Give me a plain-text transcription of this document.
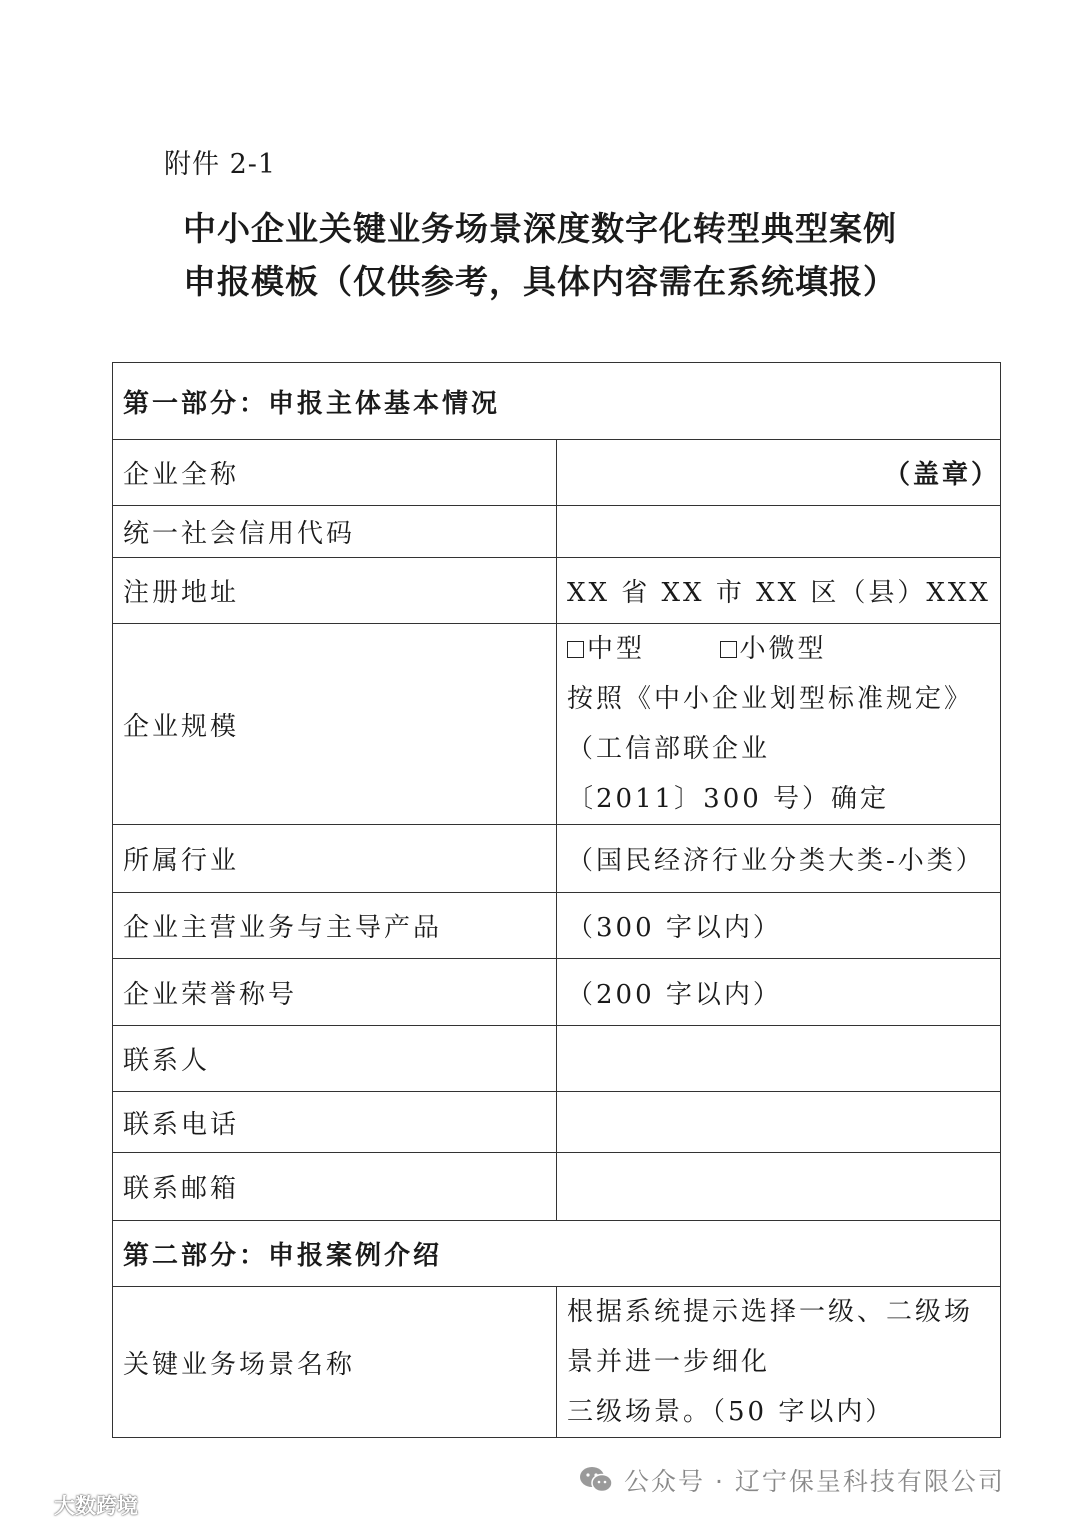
附件 2-1
中小企业关键业务场景深度数字化转型典型案例
申报模板（仅供参考，具体内容需在系统填报）
第一部分：申报主体基本情况	
企业全称	（盖章）
统一社会信用代码	
注册地址	XX 省 XX 市 XX 区（县）XXX
企业规模	中型 小微型
按照《中小企业划型标准规定》（工信部联企业
〔2011〕300 号）确定

所属行业	（国民经济行业分类大类-小类）
企业主营业务与主导产品	（300 字以内）
企业荣誉称号	（200 字以内）
联系人	
联系电话	
联系邮箱	
第二部分：申报案例介绍	
关键业务场景名称	根据系统提示选择一级、二级场景并进一步细化
三级场景。（50 字以内）
公众号 · 辽宁保呈科技有限公司
大数跨境
